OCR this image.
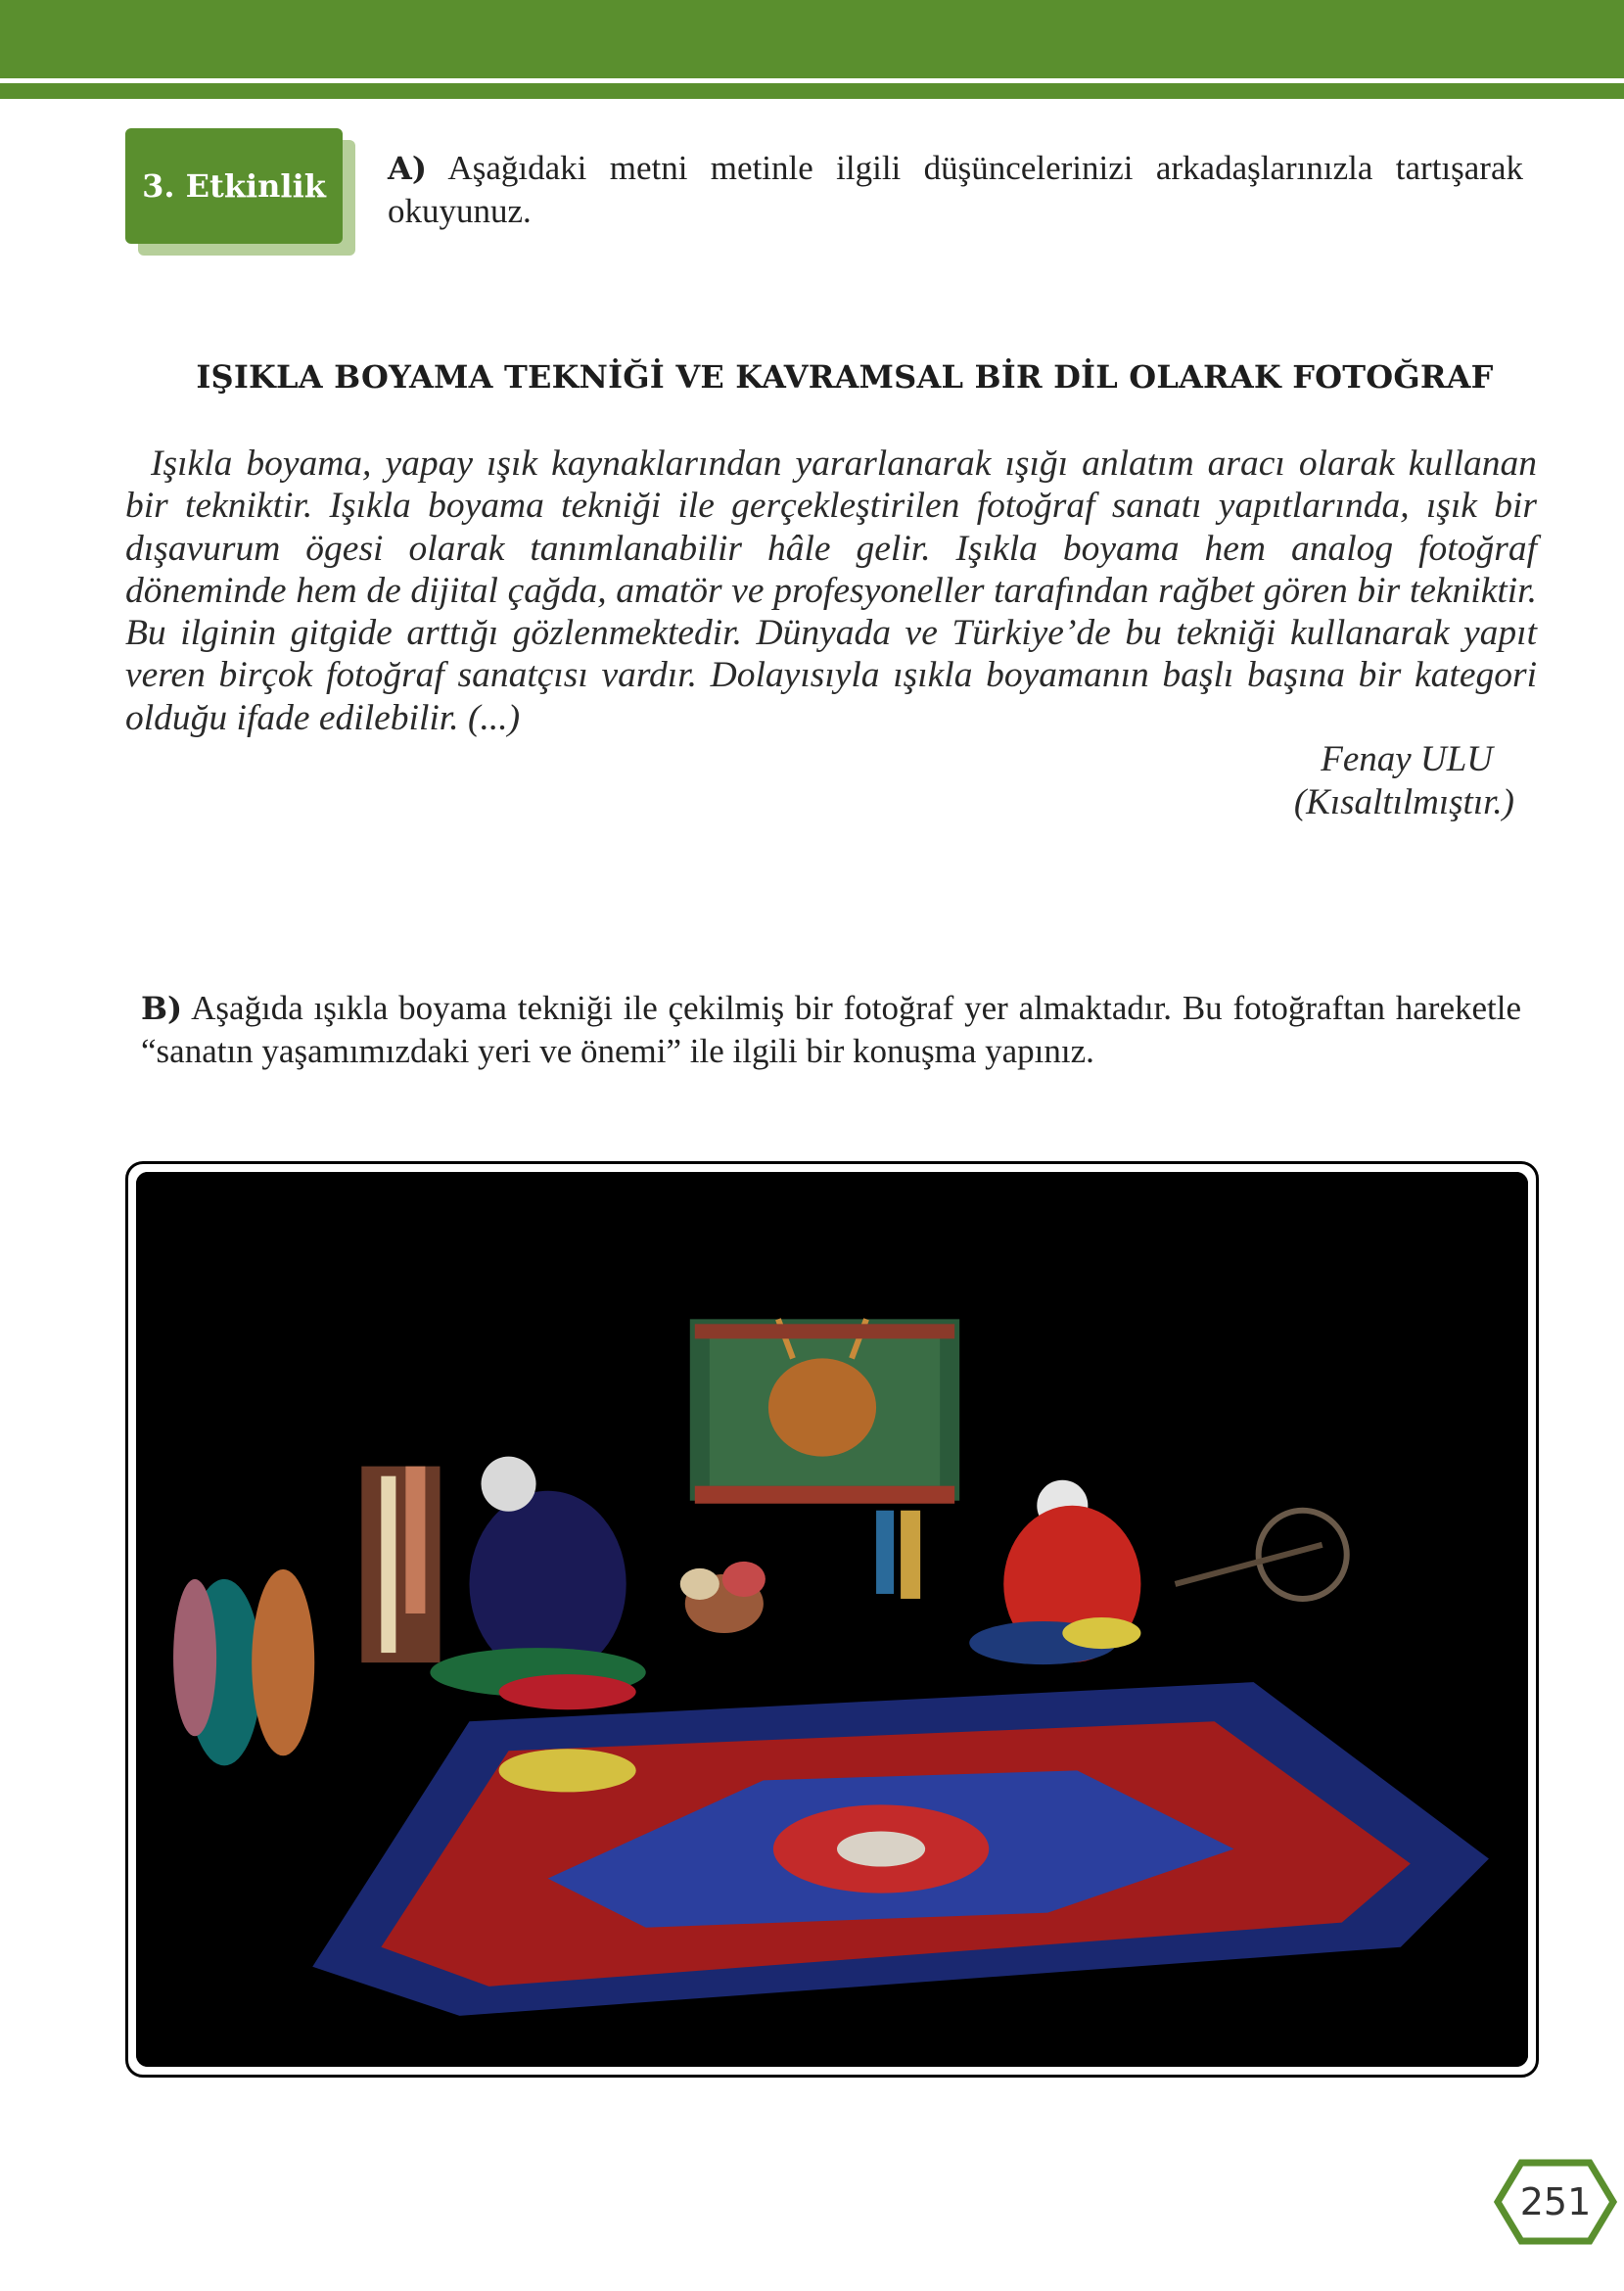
3. Etkinlik A) Aşağıdaki metni metinle ilgili düşüncelerinizi arkadaşlarınızla tartışarak okuyunuz.
IŞIKLA BOYAMA TEKNİĞİ VE KAVRAMSAL BİR DİL OLARAK FOTOĞRAF

Işıkla boyama, yapay ışık kaynaklarından yararlanarak ışığı anlatım aracı olarak kullanan bir tekniktir. Işıkla boyama tekniği ile gerçekleştirilen fotoğraf sanatı yapıtlarında, ışık bir dışavurum ögesi olarak tanımlanabilir hâle gelir. Işıkla boyama hem analog fotoğraf döneminde hem de dijital çağda, amatör ve profesyoneller tarafından rağbet gören bir tekniktir. Bu ilginin gitgide arttığı gözlenmektedir. Dünyada ve Türkiye’de bu tekniği kullanarak yapıt veren birçok fotoğraf sanatçısı vardır. Dolayısıyla ışıkla boyamanın başlı başına bir kategori olduğu ifade edilebilir. (...)

Fenay ULU
(Kısaltılmıştır.)
B) Aşağıda ışıkla boyama tekniği ile çekilmiş bir fotoğraf yer almaktadır. Bu fotoğraftan hareketle “sanatın yaşamımızdaki yeri ve önemi” ile ilgili bir konuşma yapınız.
251
